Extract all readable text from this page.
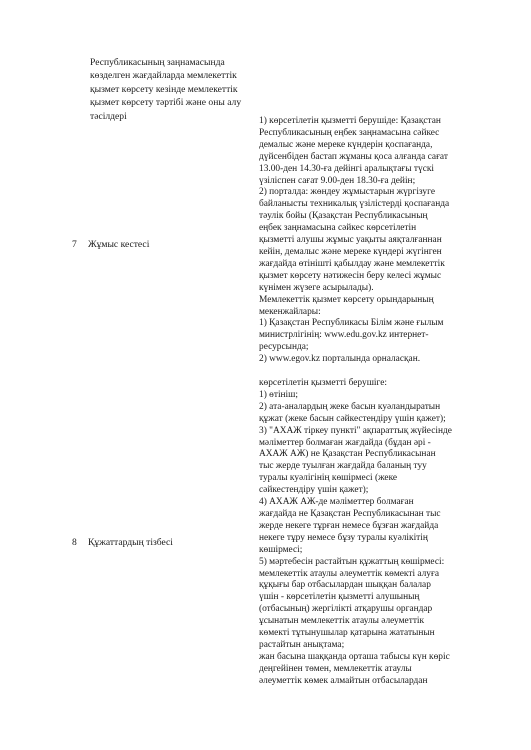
Республикасының заңнамасында
көзделген жағдайларда мемлекеттік
қызмет көрсету кезінде мемлекеттік
қызмет көрсету тәртібі және оны алу
тәсілдері
7 Жұмыс кестесі
1) көрсетілетін қызметті берушіде: Қазақстан
Республикасының еңбек заңнамасына сәйкес
демалыс және мереке күндерін қоспағанда,
дүйсенбіден бастап жұманы қоса алғанда сағат
13.00-ден 14.30-ға дейінгі аралықтағы түскі
үзіліспен сағат 9.00-ден 18.30-ға дейін;
2) порталда: жөндеу жұмыстарын жүргізуге
байланысты техникалық үзілістерді қоспағанда
тәулік бойы (Қазақстан Республикасының
еңбек заңнамасына сәйкес көрсетілетін
қызметті алушы жұмыс уақыты аяқталғаннан
кейін, демалыс және мереке күндері жүгінген
жағдайда өтінішті қабылдау және мемлекеттік
қызмет көрсету нәтижесін беру келесі жұмыс
күнімен жүзеге асырылады).
Мемлекеттік қызмет көрсету орындарының
мекенжайлары:
1) Қазақстан Республикасы Білім және ғылым
министрлігінің: www.edu.gov.kz интернет-
ресурсында;
2) www.egov.kz порталында орналасқан.
8 Құжаттардың тізбесі
көрсетілетін қызметті берушіге:
1) өтініш;
2) ата-аналардың жеке басын куәландыратын
құжат (жеке басын сәйкестендіру үшін қажет);
3) "АХАЖ тіркеу пункті" ақпараттық жүйесінде
мәліметтер болмаған жағдайда (бұдан әрі -
АХАЖ АЖ) не Қазақстан Республикасынан
тыс жерде туылған жағдайда баланың туу
туралы куәлігінің көшірмесі (жеке
сәйкестендіру үшін қажет);
4) АХАЖ АЖ-де мәліметтер болмаған
жағдайда не Қазақстан Республикасынан тыс
жерде некеге тұрған немесе бұзған жағдайда
некеге тұру немесе бұзу туралы куәлікітің
көшірмесі;
5) мәртебесін растайтын құжаттың көшірмесі:
мемлекеттік атаулы әлеуметтік көмекті алуға
құқығы бар отбасылардан шыққан балалар
үшін - көрсетілетін қызметті алушының
(отбасының) жергілікті атқарушы органдар
ұсынатын мемлекеттік атаулы әлеуметтік
көмекті тұтынушылар қатарына жататынын
растайтын анықтама;
жан басына шаққанда орташа табысы күн көріс
деңгейінен төмен, мемлекеттік атаулы
әлеуметтік көмек алмайтын отбасылардан
